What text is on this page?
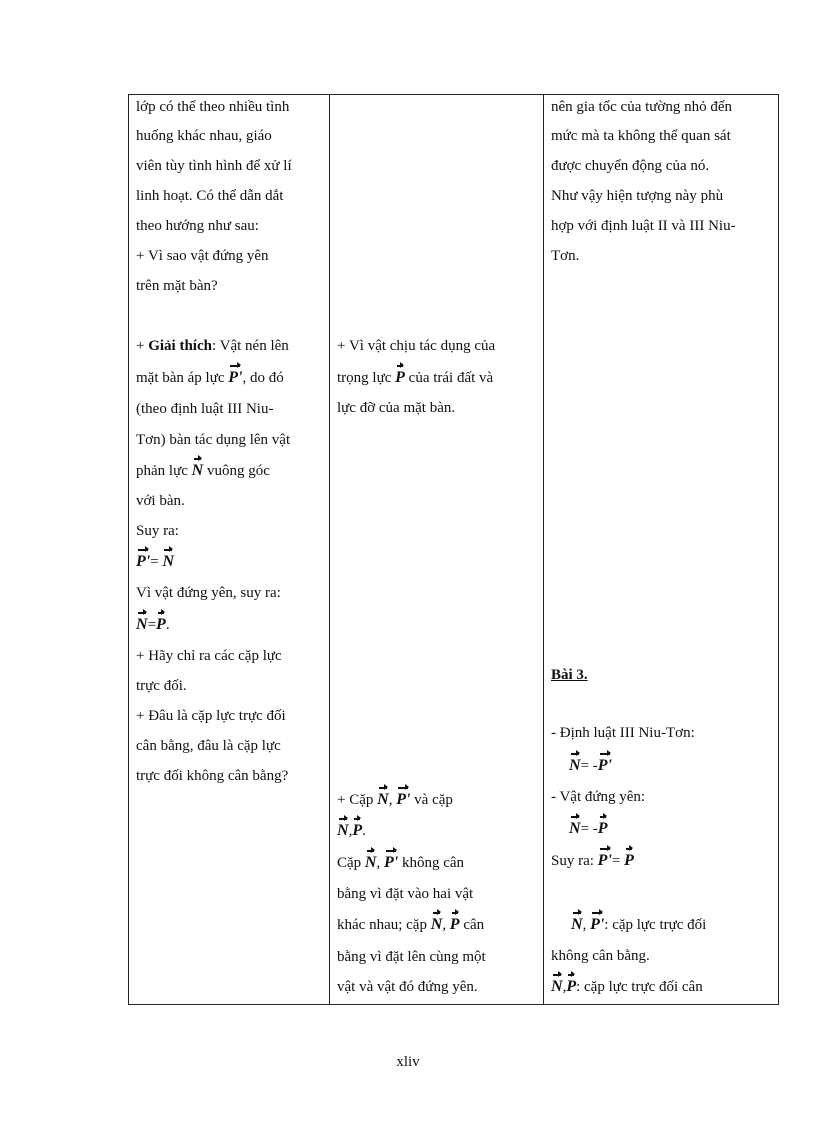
lớp có thể theo nhiều tình
huống khác nhau, giáo
viên tùy tình hình để xử lí
linh hoạt. Có thể dẫn dắt
theo hướng như sau:
+ Vì sao vật đứng yên
trên mặt bàn?
+ Giải thích: Vật nén lên
mặt bàn áp lực P', do đó
(theo định luật III Niu-
Tơn) bàn tác dụng lên vật
phản lực N vuông góc
với bàn.
Suy ra:
P'= N
Vì vật đứng yên, suy ra:
N=P.
+ Hãy chỉ ra các cặp lực
trực đối.
+ Đâu là cặp lực trực đối
cân bằng, đâu là cặp lực
trực đối không cân bằng?
+ Vì vật chịu tác dụng của
trọng lực P của trái đất và
lực đỡ của mặt bàn.
+ Cặp N, P' và cặp
N,P.
Cặp N, P' không cân
bằng vì đặt vào hai vật
khác nhau; cặp N, P cân
bằng vì đặt lên cùng một
vật và vật đó đứng yên.
nên gia tốc của tường nhỏ đến
mức mà ta không thể quan sát
được chuyển động của nó.
Như vậy hiện tượng này phù
hợp với định luật II và III Niu-
Tơn.
Bài 3.
- Định luật III Niu-Tơn:
N= -P'
- Vật đứng yên:
N= -P
Suy ra: P'= P
N, P': cặp lực trực đối
không cân bằng.
N,P: cặp lực trực đối cân
xliv
